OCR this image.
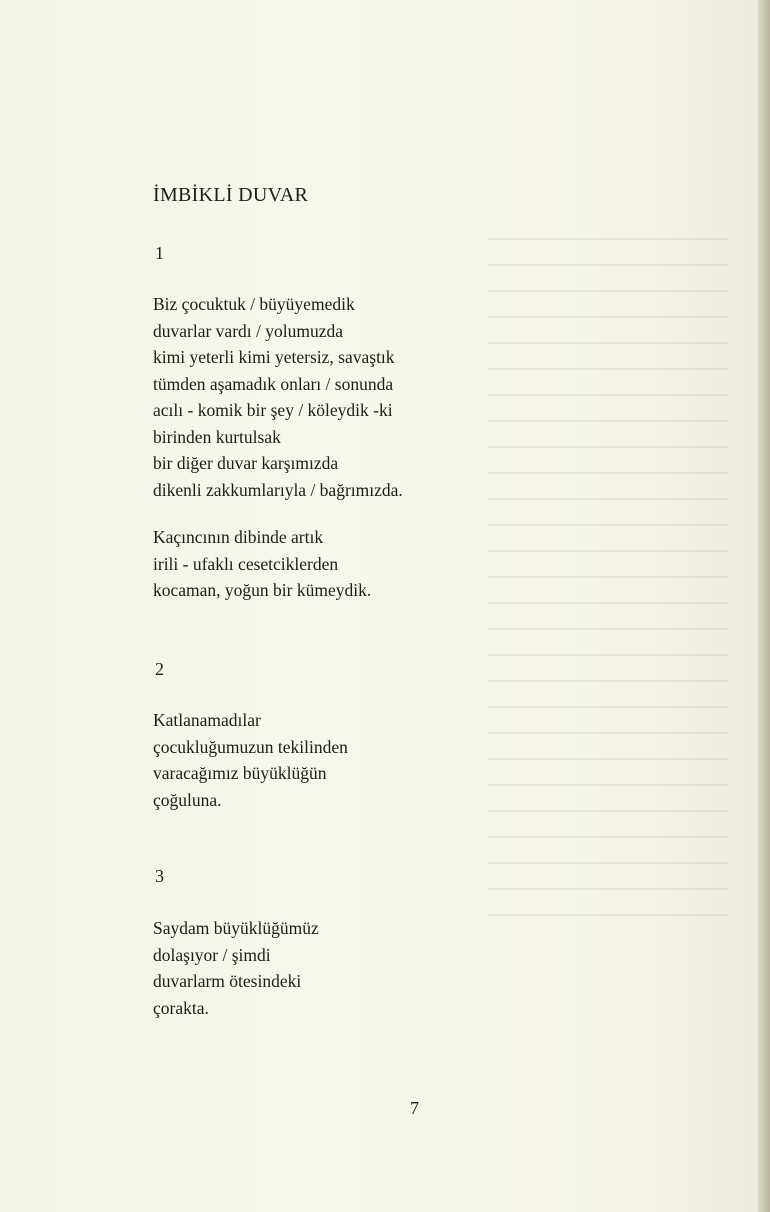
İMBİKLİ DUVAR

1

Biz çocuktuk / büyüyemedik
duvarlar vardı / yolumuzda
kimi yeterli kimi yetersiz, savaştık
tümden aşamadık onları / sonunda
acılı - komik bir şey / köleydik -ki
birinden kurtulsak
bir diğer duvar karşımızda
dikenli zakkumlarıyla / bağrımızda.
Kaçıncının dibinde artık
irili - ufaklı cesetciklerden
kocaman, yoğun bir kümeydik.

2

Katlanamadılar
çocukluğumuzun tekilinden
varacağımız büyüklüğün
çoğuluna.

3

Saydam büyüklüğümüz
dolaşıyor / şimdi
duvarlarm ötesindeki
çorakta.

7
